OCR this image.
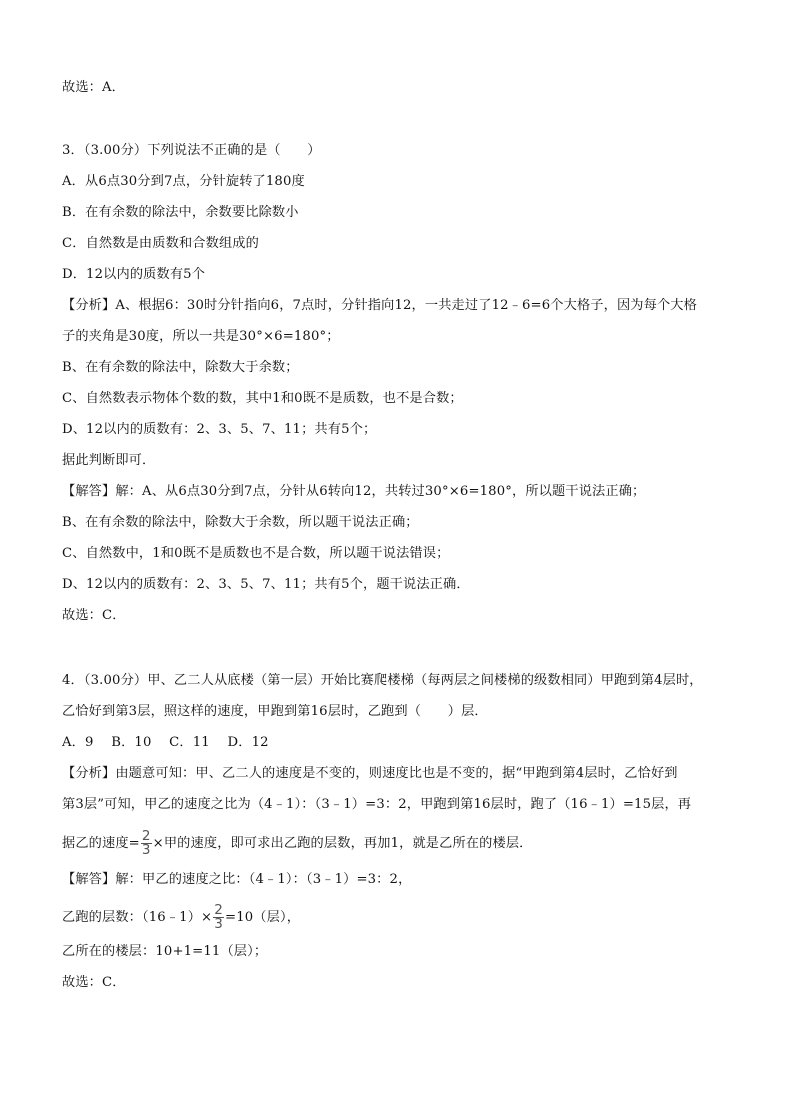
故选：A．
3．（3.00分）下列说法不正确的是（　　）
A．从6点30分到7点，分针旋转了180度
B．在有余数的除法中，余数要比除数小
C．自然数是由质数和合数组成的
D．12以内的质数有5个
【分析】A、根据6：30时分针指向6，7点时，分针指向12，一共走过了12﹣6=6个大格子，因为每个大格
子的夹角是30度，所以一共是30°×6=180°；
B、在有余数的除法中，除数大于余数；
C、自然数表示物体个数的数，其中1和0既不是质数，也不是合数；
D、12以内的质数有：2、3、5、7、11；共有5个；
据此判断即可．
【解答】解：A、从6点30分到7点，分针从6转向12，共转过30°×6=180°，所以题干说法正确；
B、在有余数的除法中，除数大于余数，所以题干说法正确；
C、自然数中，1和0既不是质数也不是合数，所以题干说法错误；
D、12以内的质数有：2、3、5、7、11；共有5个，题干说法正确．
故选：C．
4．（3.00分）甲、乙二人从底楼（第一层）开始比赛爬楼梯（每两层之间楼梯的级数相同）甲跑到第4层时，
乙恰好到第3层，照这样的速度，甲跑到第16层时，乙跑到（　　）层．
A．9　 B．10　 C．11　 D．12
【分析】由题意可知：甲、乙二人的速度是不变的，则速度比也是不变的，据“甲跑到第4层时，乙恰好到
第3层”可知，甲乙的速度之比为（4﹣1）：（3﹣1）=3：2，甲跑到第16层时，跑了（16﹣1）=15层，再
据乙的速度= $\frac{2}{3}$ ×甲的速度，即可求出乙跑的层数，再加1，就是乙所在的楼层．
【解答】解：甲乙的速度之比：（4﹣1）：（3﹣1）=3：2，
乙跑的层数：（16﹣1）× $\frac{2}{3} =10$（层），
乙所在的楼层：10+1=11（层）；
故选：C．
